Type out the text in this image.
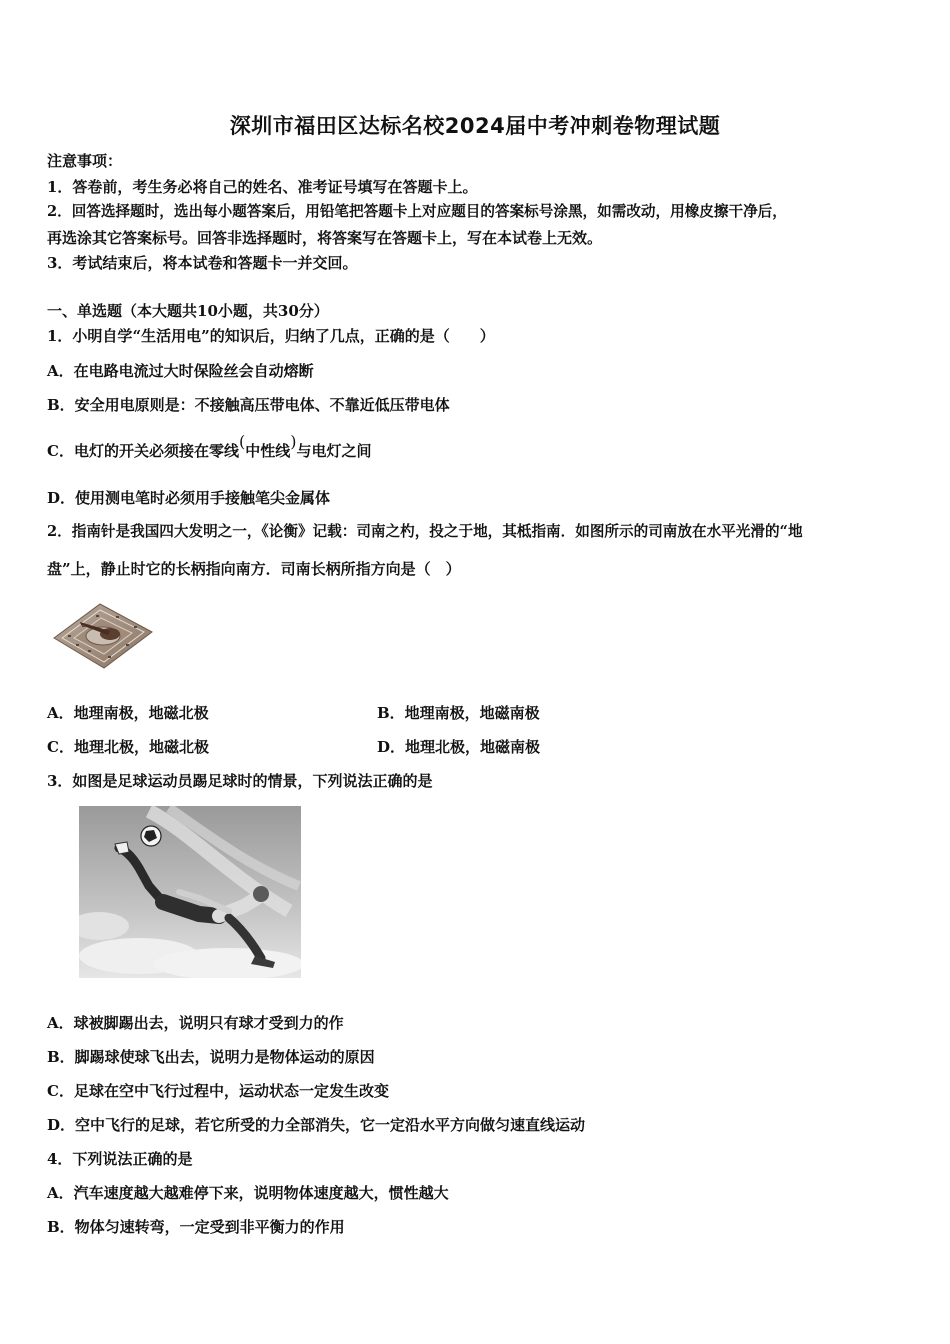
深圳市福田区达标名校2024届中考冲刺卷物理试题
注意事项：
1．答卷前，考生务必将自己的姓名、准考证号填写在答题卡上。
2．回答选择题时，选出每小题答案后，用铅笔把答题卡上对应题目的答案标号涂黑，如需改动，用橡皮擦干净后，
再选涂其它答案标号。回答非选择题时，将答案写在答题卡上，写在本试卷上无效。
3．考试结束后，将本试卷和答题卡一并交回。
一、单选题（本大题共10小题，共30分）
1．小明自学“生活用电”的知识后，归纳了几点，正确的是（　　）
A．在电路电流过大时保险丝会自动熔断
B．安全用电原则是：不接触高压带电体、不靠近低压带电体
C．电灯的开关必须接在零线(中性线)与电灯之间
D．使用测电笔时必须用手接触笔尖金属体
2．指南针是我国四大发明之一，《论衡》记载：司南之杓，投之于地，其柢指南．如图所示的司南放在水平光滑的“地
盘”上，静止时它的长柄指向南方．司南长柄所指方向是（　）
A．地理南极，地磁北极	B．地理南极，地磁南极
C．地理北极，地磁北极	D．地理北极，地磁南极
3．如图是足球运动员踢足球时的情景，下列说法正确的是
A．球被脚踢出去，说明只有球才受到力的作
B．脚踢球使球飞出去，说明力是物体运动的原因
C．足球在空中飞行过程中，运动状态一定发生改变
D．空中飞行的足球，若它所受的力全部消失，它一定沿水平方向做匀速直线运动
4．下列说法正确的是
A．汽车速度越大越难停下来，说明物体速度越大，惯性越大
B．物体匀速转弯，一定受到非平衡力的作用
